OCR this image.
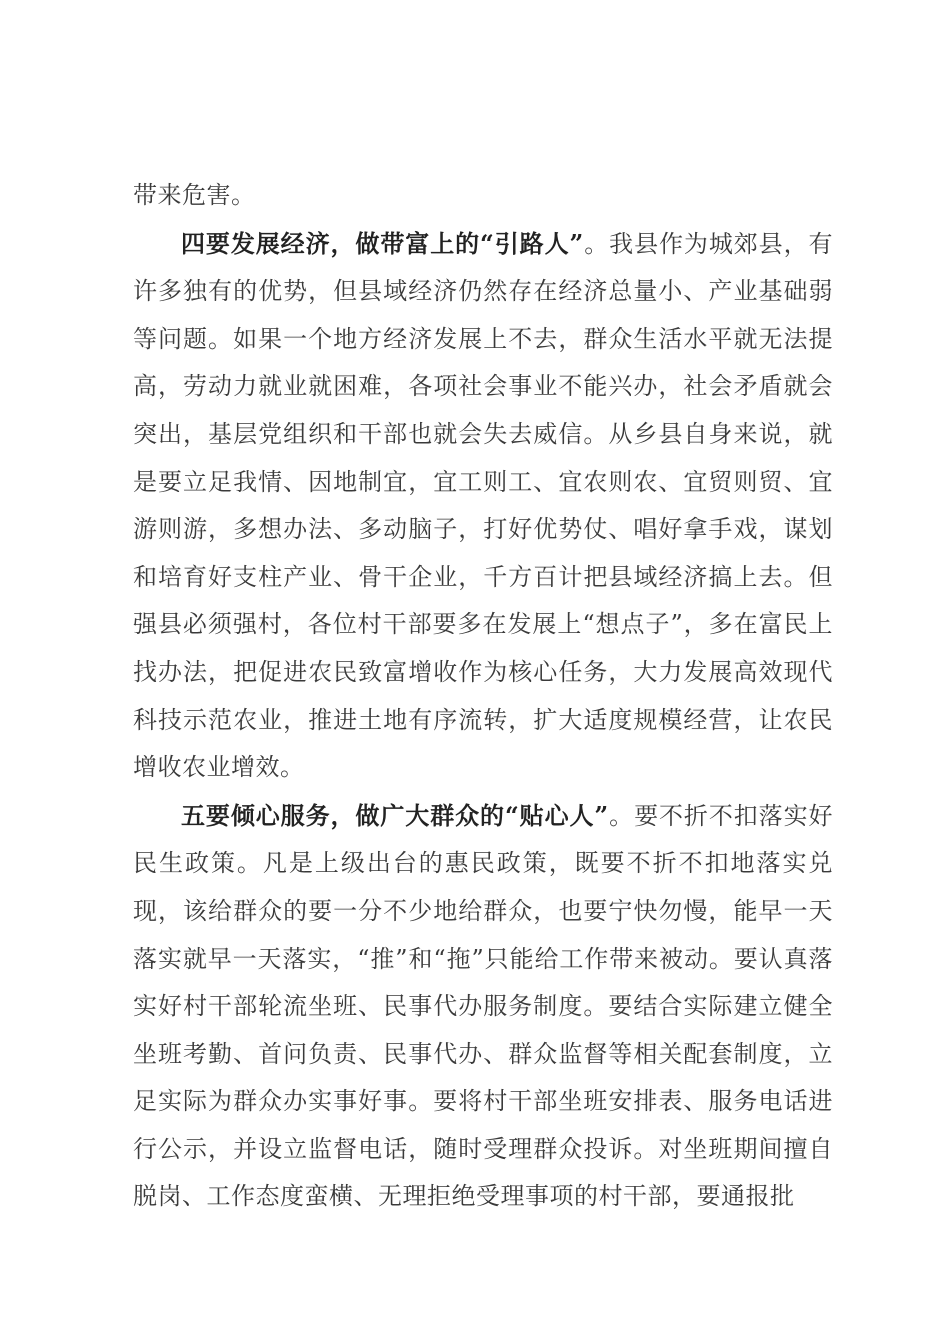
带来危害。

四要发展经济，做带富上的“引路人”。我县作为城郊县，有许多独有的优势，但县域经济仍然存在经济总量小、产业基础弱等问题。如果一个地方经济发展上不去，群众生活水平就无法提高，劳动力就业就困难，各项社会事业不能兴办，社会矛盾就会突出，基层党组织和干部也就会失去威信。从乡县自身来说，就是要立足我情、因地制宜，宜工则工、宜农则农、宜贸则贸、宜游则游，多想办法、多动脑子，打好优势仗、唱好拿手戏，谋划和培育好支柱产业、骨干企业，千方百计把县域经济搞上去。但强县必须强村，各位村干部要多在发展上“想点子”，多在富民上找办法，把促进农民致富增收作为核心任务，大力发展高效现代科技示范农业，推进土地有序流转，扩大适度规模经营，让农民增收农业增效。

五要倾心服务，做广大群众的“贴心人”。要不折不扣落实好民生政策。凡是上级出台的惠民政策，既要不折不扣地落实兑现，该给群众的要一分不少地给群众，也要宁快勿慢，能早一天落实就早一天落实，“推”和“拖”只能给工作带来被动。要认真落实好村干部轮流坐班、民事代办服务制度。要结合实际建立健全坐班考勤、首问负责、民事代办、群众监督等相关配套制度，立足实际为群众办实事好事。要将村干部坐班安排表、服务电话进行公示，并设立监督电话，随时受理群众投诉。对坐班期间擅自脱岗、工作态度蛮横、无理拒绝受理事项的村干部，要通报批
